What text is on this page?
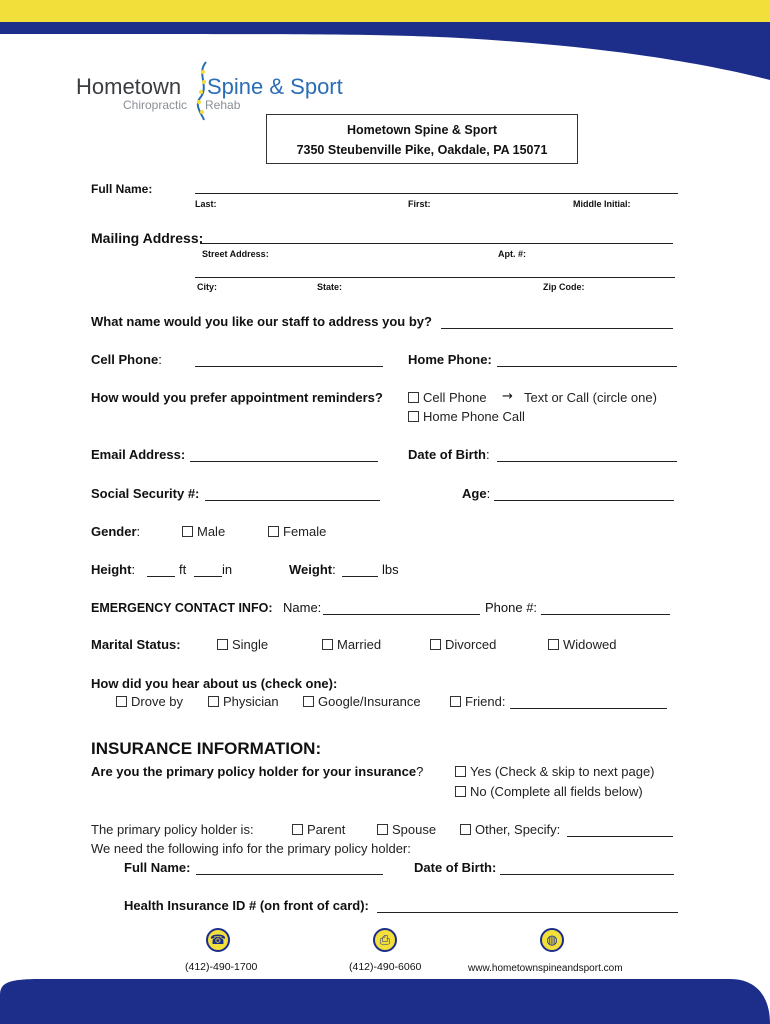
Hometown Spine & Sport
Chiropractic Rehab
Hometown Spine & Sport
7350 Steubenville Pike, Oakdale, PA 15071
Full Name:
Last:	First:	Middle Initial:
Mailing Address:
Street Address:	Apt. #:
City:	State:	Zip Code:
What name would you like our staff to address you by?
Cell Phone:	Home Phone:
How would you prefer appointment reminders?	Cell Phone → Text or Call (circle one)
Home Phone Call
Email Address:	Date of Birth:
Social Security #:	Age:
Gender:	Male	Female
Height:	ft	in	Weight:	lbs
EMERGENCY CONTACT INFO: Name:	Phone #:
Marital Status:	Single	Married	Divorced	Widowed
How did you hear about us (check one):
Drove by	Physician	Google/Insurance	Friend:
INSURANCE INFORMATION:
Are you the primary policy holder for your insurance?	Yes (Check & skip to next page)
No (Complete all fields below)
The primary policy holder is:	Parent	Spouse	Other, Specify:
We need the following info for the primary policy holder:
Full Name:	Date of Birth:
Health Insurance ID # (on front of card):
☎
(412)-490-1700
⎙
(412)-490-6060
◍
www.hometownspineandsport.com
